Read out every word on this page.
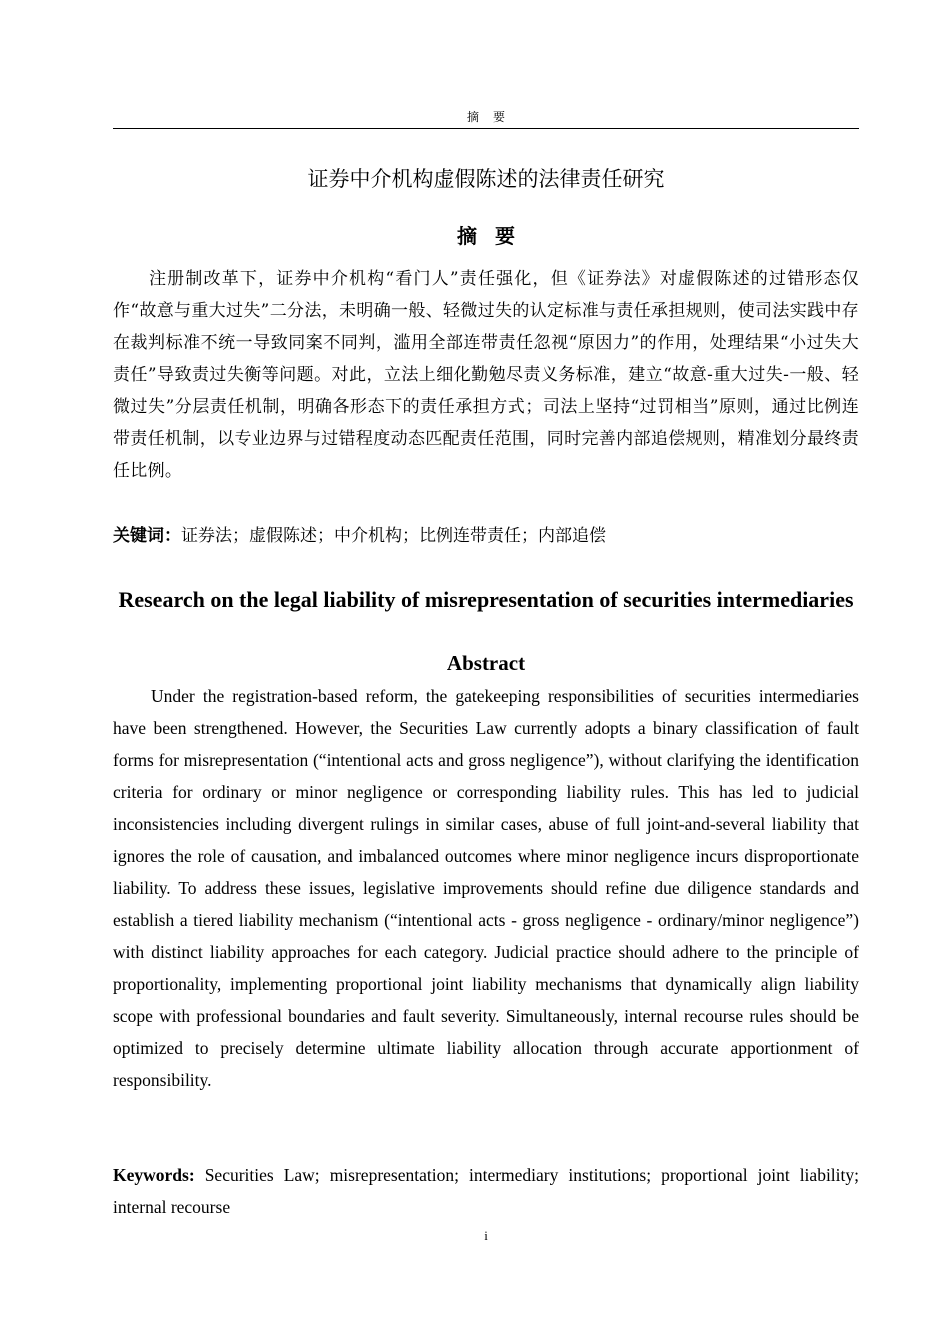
摘要
证券中介机构虚假陈述的法律责任研究
摘要

注册制改革下，证券中介机构“看门人”责任强化，但《证券法》对虚假陈述的过错形态仅作“故意与重大过失”二分法，未明确一般、轻微过失的认定标准与责任承担规则，使司法实践中存在裁判标准不统一导致同案不同判，滥用全部连带责任忽视“原因力”的作用，处理结果“小过失大责任”导致责过失衡等问题。对此，立法上细化勤勉尽责义务标准，建立“故意-重大过失-一般、轻微过失”分层责任机制，明确各形态下的责任承担方式；司法上坚持“过罚相当”原则，通过比例连带责任机制，以专业边界与过错程度动态匹配责任范围，同时完善内部追偿规则，精准划分最终责任比例。

关键词：证券法；虚假陈述；中介机构；比例连带责任；内部追偿

Research on the legal liability of misrepresentation of securities intermediaries
Abstract

Under the registration-based reform, the gatekeeping responsibilities of securities intermediaries have been strengthened. However, the Securities Law currently adopts a binary classification of fault forms for misrepresentation (“intentional acts and gross negligence”), without clarifying the identification criteria for ordinary or minor negligence or corresponding liability rules. This has led to judicial inconsistencies including divergent rulings in similar cases, abuse of full joint-and-several liability that ignores the role of causation, and imbalanced outcomes where minor negligence incurs disproportionate liability. To address these issues, legislative improvements should refine due diligence standards and establish a tiered liability mechanism (“intentional acts - gross negligence - ordinary/minor negligence”) with distinct liability approaches for each category. Judicial practice should adhere to the principle of proportionality, implementing proportional joint liability mechanisms that dynamically align liability scope with professional boundaries and fault severity. Simultaneously, internal recourse rules should be optimized to precisely determine ultimate liability allocation through accurate apportionment of responsibility.

Keywords: Securities Law; misrepresentation; intermediary institutions; proportional joint liability; internal recourse

i
